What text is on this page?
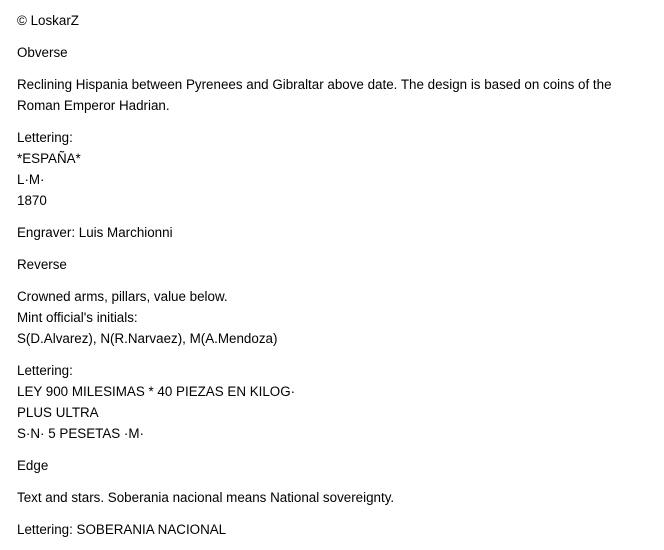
© LoskarZ

Obverse

Reclining Hispania between Pyrenees and Gibraltar above date. The design is based on coins of the Roman Emperor Hadrian.

Lettering:
*ESPAÑA*
L·M·
1870

Engraver: Luis Marchionni

Reverse

Crowned arms, pillars, value below.
Mint official's initials:
S(D.Alvarez), N(R.Narvaez), M(A.Mendoza)

Lettering:
LEY 900 MILESIMAS * 40 PIEZAS EN KILOG·
PLUS ULTRA
S·N· 5 PESETAS ·M·

Edge

Text and stars. Soberania nacional means National sovereignty.

Lettering: SOBERANIA NACIONAL
